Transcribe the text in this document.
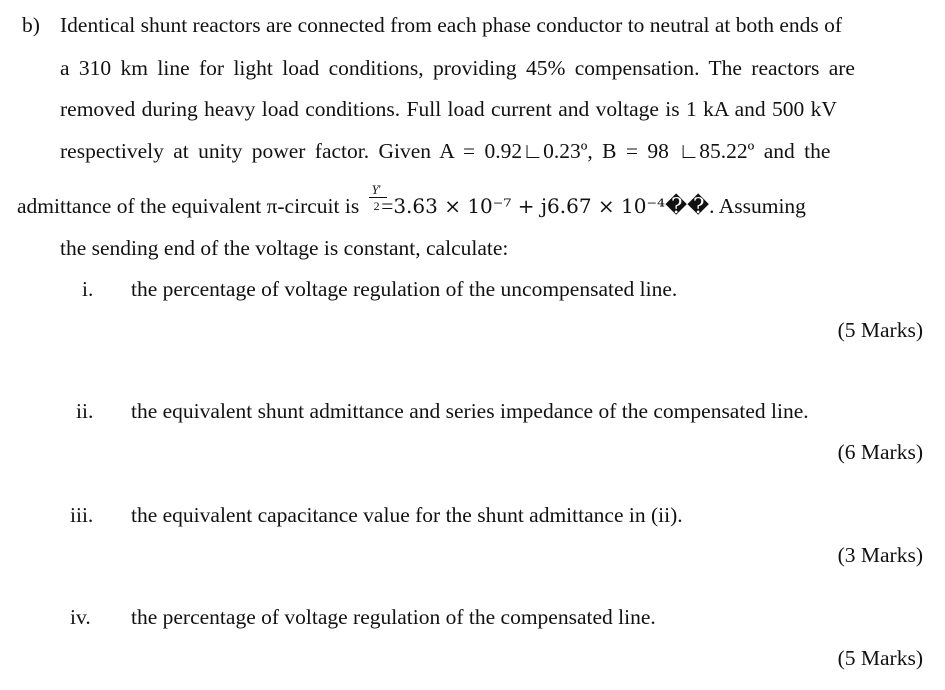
b) Identical shunt reactors are connected from each phase conductor to neutral at both ends of
a 310 km line for light load conditions, providing 45% compensation. The reactors are
removed during heavy load conditions. Full load current and voltage is 1 kA and 500 kV
respectively at unity power factor. Given A = 0.92∟0.23º, B = 98 ∟85.22º and the
admittance of the equivalent π-circuit is $\frac{Y}{2}$
′=3.63 × 10⁻⁷ + j6.67 × 10⁻⁴��. Assuming
the sending end of the voltage is constant, calculate:
i. the percentage of voltage regulation of the uncompensated line.
(5 Marks)
ii. the equivalent shunt admittance and series impedance of the compensated line.
(6 Marks)
iii. the equivalent capacitance value for the shunt admittance in (ii).
(3 Marks)
iv. the percentage of voltage regulation of the compensated line.
(5 Marks)
